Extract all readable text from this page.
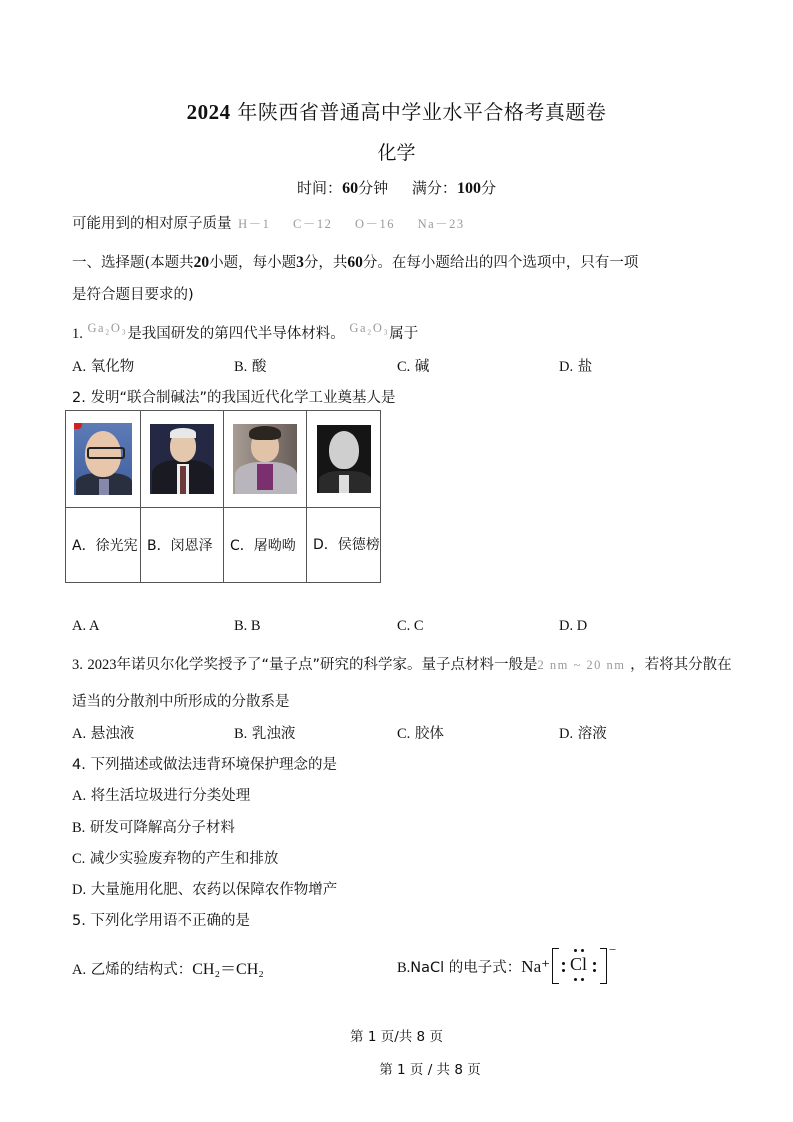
2024 年陕西省普通高中学业水平合格考真题卷
化学
时间：60分钟 满分：100分
可能用到的相对原子质量 H－1 C－12 O－16 Na－23
一、选择题(本题共20小题，每小题3分，共60分。在每小题给出的四个选项中，只有一项
是符合题目要求的)
1. Ga₂O₃是我国研发的第四代半导体材料。 Ga₂O₃属于
A. 氧化物	B. 酸	C. 碱	D. 盐
2. 发明“联合制碱法”的我国近代化学工业奠基人是

A．徐光宪	B．闵恩泽	C．屠呦呦	D．侯德榜
A. A	B. B	C. C	D. D
3. 2023年诺贝尔化学奖授予了“量子点”研究的科学家。量子点材料一般是2 nm ~ 20 nm ，若将其分散在
适当的分散剂中所形成的分散系是
A. 悬浊液	B. 乳浊液	C. 胶体	D. 溶液
4. 下列描述或做法违背环境保护理念的是
A. 将生活垃圾进行分类处理
B. 研发可降解高分子材料
C. 减少实验废弃物的产生和排放
D. 大量施用化肥、农药以保障农作物增产
5. 下列化学用语不正确的是
A. 乙烯的结构式：CH₂＝CH₂	B.NaCl 的电子式：Na⁺ Cl
−
第 1 页/共 8 页
第 1 页 / 共 8 页
